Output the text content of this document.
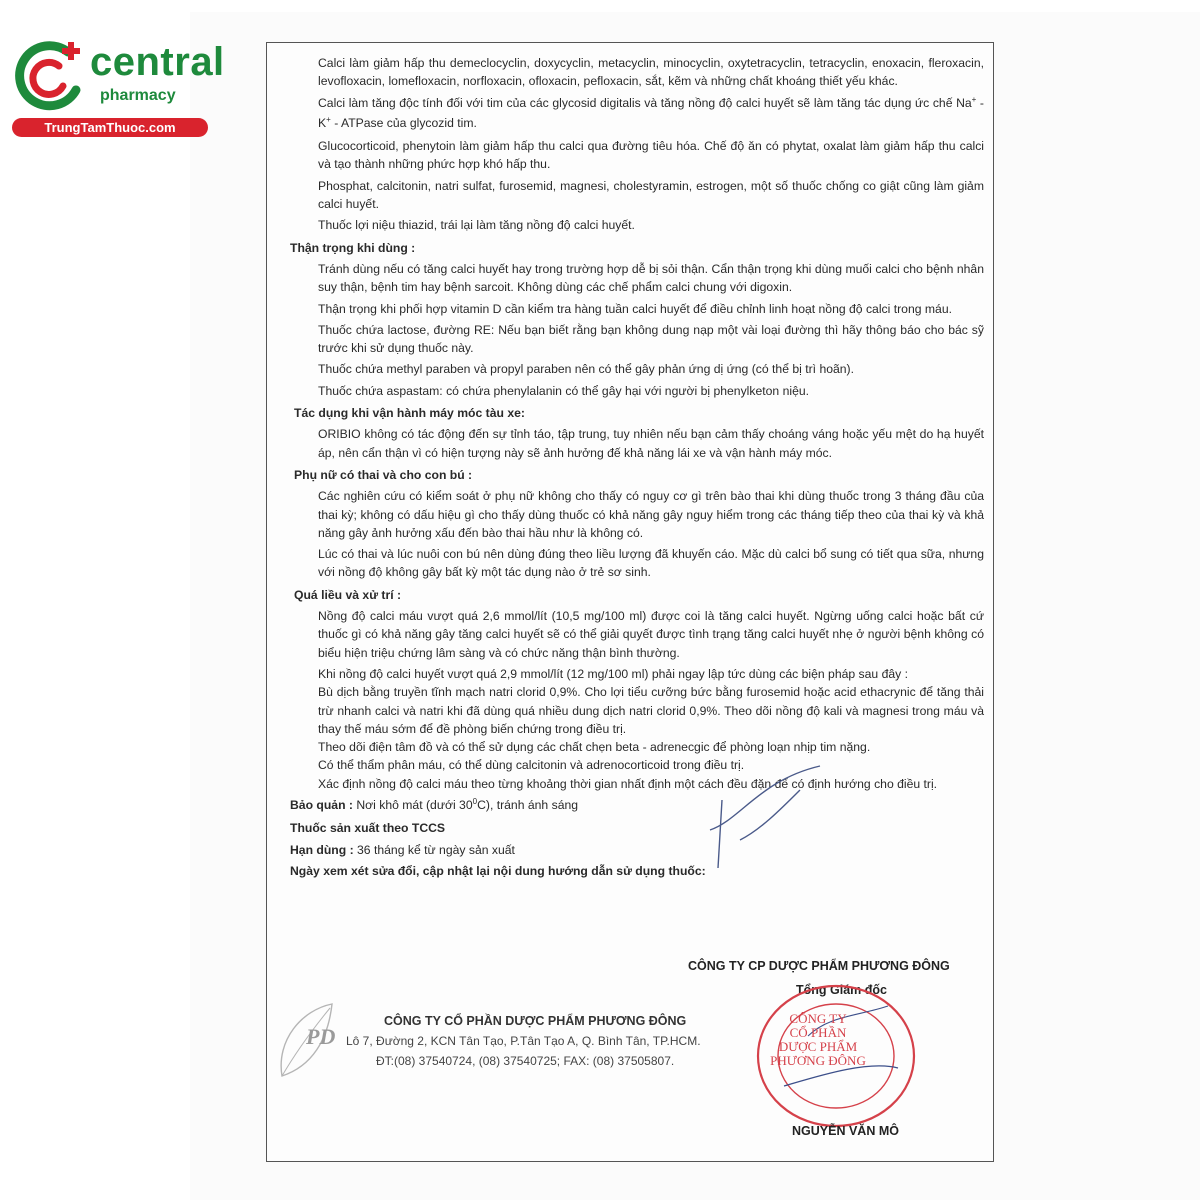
central
pharmacy
TrungTamThuoc.com

Calci làm giảm hấp thu demeclocyclin, doxycyclin, metacyclin, minocyclin, oxytetracyclin, tetracyclin, enoxacin, fleroxacin, levofloxacin, lomefloxacin, norfloxacin, ofloxacin, pefloxacin, sắt, kẽm và những chất khoáng thiết yếu khác.

Calci làm tăng độc tính đối với tim của các glycosid digitalis và tăng nồng độ calci huyết sẽ làm tăng tác dụng ức chế Na+ - K+ - ATPase của glycozid tim.

Glucocorticoid, phenytoin làm giảm hấp thu calci qua đường tiêu hóa. Chế độ ăn có phytat, oxalat làm giảm hấp thu calci và tạo thành những phức hợp khó hấp thu.

Phosphat, calcitonin, natri sulfat, furosemid, magnesi, cholestyramin, estrogen, một số thuốc chống co giật cũng làm giảm calci huyết.

Thuốc lợi niệu thiazid, trái lại làm tăng nồng độ calci huyết.

Thận trọng khi dùng :

Tránh dùng nếu có tăng calci huyết hay trong trường hợp dễ bị sỏi thận. Cẩn thận trọng khi dùng muối calci cho bệnh nhân suy thận, bệnh tim hay bệnh sarcoit. Không dùng các chế phẩm calci chung với digoxin.

Thận trọng khi phối hợp vitamin D cần kiểm tra hàng tuần calci huyết để điều chỉnh linh hoạt nồng độ calci trong máu.

Thuốc chứa lactose, đường RE: Nếu bạn biết rằng bạn không dung nạp một vài loại đường thì hãy thông báo cho bác sỹ trước khi sử dụng thuốc này.

Thuốc chứa methyl paraben và propyl paraben nên có thể gây phản ứng dị ứng (có thể bị trì hoãn).

Thuốc chứa aspastam: có chứa phenylalanin có thể gây hại với người bị phenylketon niệu.

Tác dụng khi vận hành máy móc tàu xe:

ORIBIO không có tác động đến sự tỉnh táo, tập trung, tuy nhiên nếu bạn cảm thấy choáng váng hoặc yếu mệt do hạ huyết áp, nên cẩn thận vì có hiện tượng này sẽ ảnh hưởng đế khả năng lái xe và vận hành máy móc.

Phụ nữ có thai và cho con bú :

Các nghiên cứu có kiểm soát ở phụ nữ không cho thấy có nguy cơ gì trên bào thai khi dùng thuốc trong 3 tháng đầu của thai kỳ; không có dấu hiệu gì cho thấy dùng thuốc có khả năng gây nguy hiểm trong các tháng tiếp theo của thai kỳ và khả năng gây ảnh hưởng xấu đến bào thai hầu như là không có.

Lúc có thai và lúc nuôi con bú nên dùng đúng theo liều lượng đã khuyến cáo. Mặc dù calci bổ sung có tiết qua sữa, nhưng với nồng độ không gây bất kỳ một tác dụng nào ở trẻ sơ sinh.

Quá liều và xử trí :

Nồng độ calci máu vượt quá 2,6 mmol/lít (10,5 mg/100 ml) được coi là tăng calci huyết. Ngừng uống calci hoặc bất cứ thuốc gì có khả năng gây tăng calci huyết sẽ có thể giải quyết được tình trạng tăng calci huyết nhẹ ở người bệnh không có biểu hiện triệu chứng lâm sàng và có chức năng thận bình thường.

Khi nồng độ calci huyết vượt quá 2,9 mmol/lít (12 mg/100 ml) phải ngay lập tức dùng các biện pháp sau đây :

Bù dịch bằng truyền tĩnh mạch natri clorid 0,9%. Cho lợi tiểu cưỡng bức bằng furosemid hoặc acid ethacrynic để tăng thải trừ nhanh calci và natri khi đã dùng quá nhiều dung dịch natri clorid 0,9%. Theo dõi nồng độ kali và magnesi trong máu và thay thế máu sớm để đề phòng biến chứng trong điều trị.

Theo dõi điện tâm đồ và có thể sử dụng các chất chẹn beta - adrenecgic để phòng loạn nhịp tim nặng.

Có thể thẩm phân máu, có thể dùng calcitonin và adrenocorticoid trong điều trị.

Xác định nồng độ calci máu theo từng khoảng thời gian nhất định một cách đều đặn để có định hướng cho điều trị.

Bảo quản : Nơi khô mát (dưới $30^0C$), tránh ánh sáng
Thuốc sản xuất theo TCCS
Hạn dùng : 36 tháng kể từ ngày sản xuất
Ngày xem xét sửa đổi, cập nhật lại nội dung hướng dẫn sử dụng thuốc:
CÔNG TY CP DƯỢC PHẨM PHƯƠNG ĐÔNG
Tổng Giám đốc
CÔNG TY
CỔ PHẦN
DƯỢC PHẨM
PHƯƠNG ĐÔNG
NGUYỄN VĂN MÔ
PD
CÔNG TY CỔ PHẦN DƯỢC PHẨM PHƯƠNG ĐÔNG
Lô 7, Đường 2, KCN Tân Tạo, P.Tân Tạo A, Q. Bình Tân, TP.HCM.
ĐT:(08) 37540724, (08) 37540725; FAX: (08) 37505807.
